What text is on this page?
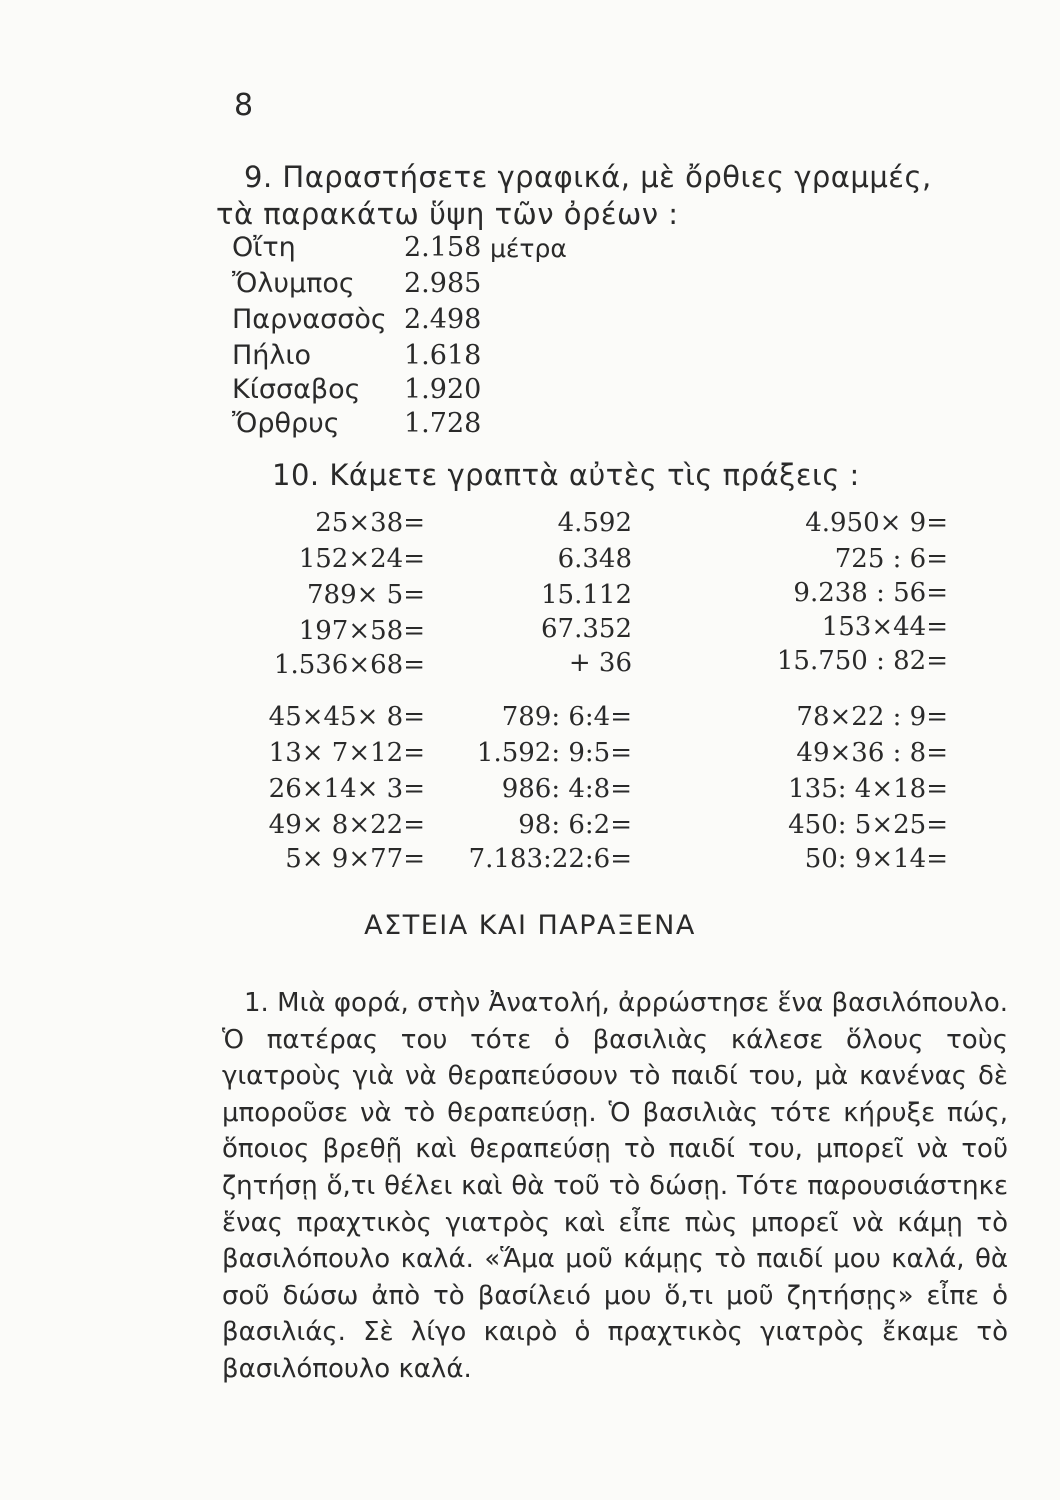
8
9. Παραστήσετε γραφικά, μὲ ὄρθιες γραμμές,
τὰ παρακάτω ὕψη τῶν ὀρέων :
Οἴτη	2.158 μέτρα
Ὄλυμπος 2.985
Παρνασσὸς 2.498
Πήλιο	1.618
Κίσσαβος 1.920
Ὄρθρυς 1.728
10. Κάμετε γραπτὰ αὐτὲς τὶς πράξεις :
25×38=
152×24=
789× 5=
197×58=
1.536×68=
45×45× 8=
13× 7×12=
26×14× 3=
49× 8×22=
5× 9×77=
4.592
6.348
15.112
67.352
+ 36
789: 6:4=
1.592: 9:5=
986: 4:8=
98: 6:2=
7.183:22:6=
4.950× 9=
725 : 6=
9.238 : 56=
153×44=
15.750 : 82=
78×22 : 9=
49×36 : 8=
135: 4×18=
450: 5×25=
50: 9×14=
ΑΣΤΕΙΑ ΚΑΙ ΠΑΡΑΞΕΝΑ
1. Μιὰ φορά, στὴν Ἀνατολή, ἀρρώστησε ἕνα βασιλόπουλο. Ὁ πατέρας του τότε ὁ βασιλιὰς κάλεσε ὅλους τοὺς γιατροὺς γιὰ νὰ θεραπεύσουν τὸ παιδί του, μὰ κανένας δὲ μποροῦσε νὰ τὸ θεραπεύσῃ. Ὁ βασιλιὰς τότε κήρυξε πώς, ὅποιος βρεθῇ καὶ θεραπεύσῃ τὸ παιδί του, μπορεῖ νὰ τοῦ ζητήσῃ ὅ,τι θέλει καὶ θὰ τοῦ τὸ δώσῃ. Τότε παρουσιάστηκε ἕνας πραχτικὸς γιατρὸς καὶ εἶπε πὼς μπορεῖ νὰ κάμῃ τὸ βασιλόπουλο καλά. «Ἅμα μοῦ κάμῃς τὸ παιδί μου καλά, θὰ σοῦ δώσω ἀπὸ τὸ βασίλειό μου ὅ,τι μοῦ ζητήσῃς» εἶπε ὁ βασιλιάς. Σὲ λίγο καιρὸ ὁ πραχτικὸς γιατρὸς ἔκαμε τὸ βασιλόπουλο καλά.
